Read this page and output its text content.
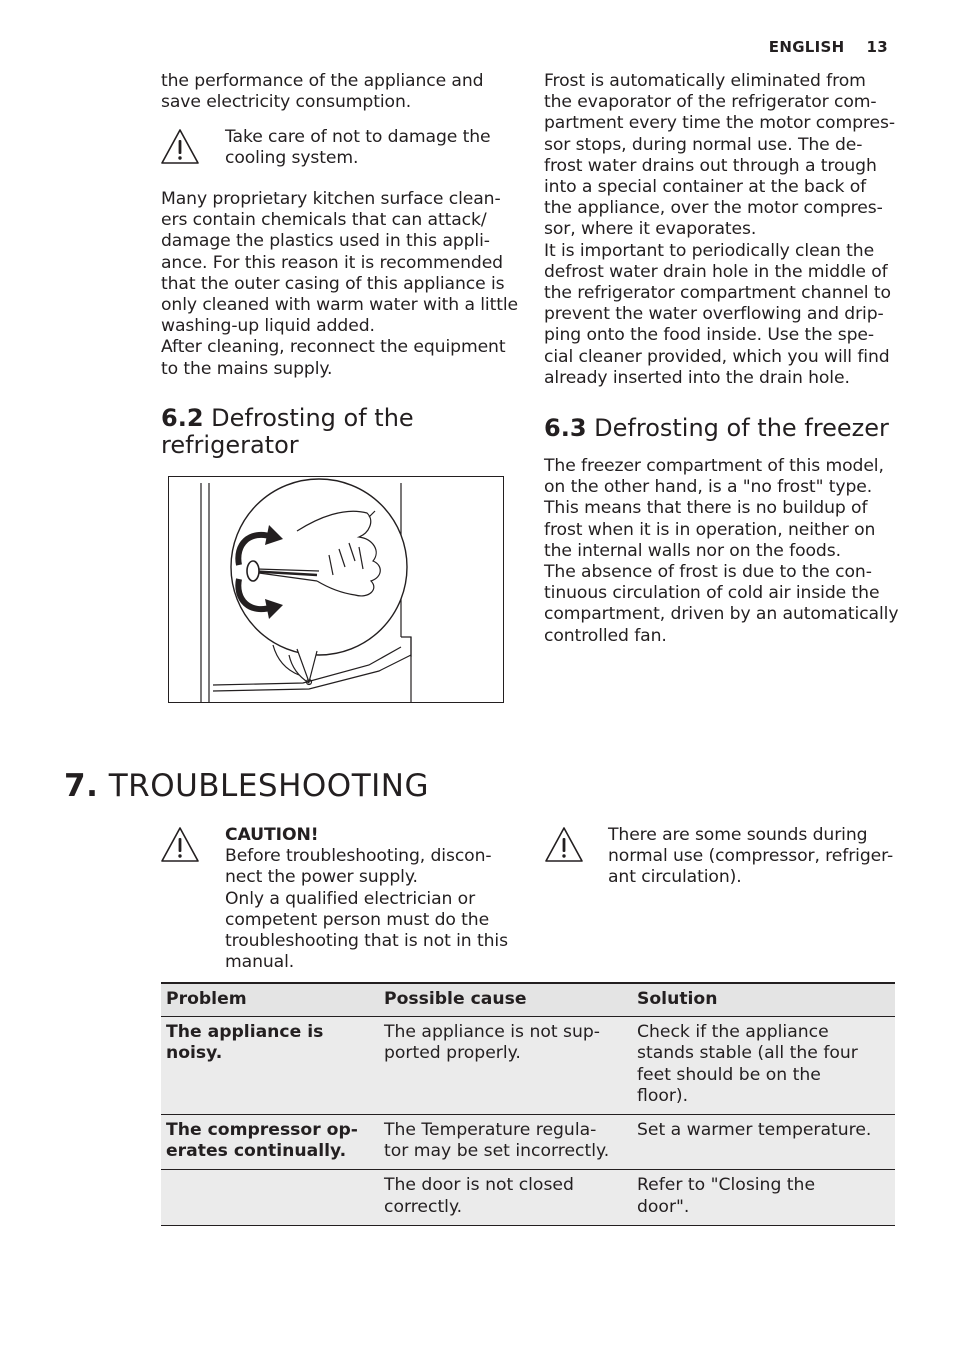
ENGLISH 13
the performance of the appliance and
save electricity consumption.
Take care of not to damage the
cooling system.
Many proprietary kitchen surface clean-
ers contain chemicals that can attack/
damage the plastics used in this appli-
ance. For this reason it is recommended
that the outer casing of this appliance is
only cleaned with warm water with a little
washing-up liquid added.
After cleaning, reconnect the equipment
to the mains supply.
6.2 Defrosting of the
refrigerator
Frost is automatically eliminated from
the evaporator of the refrigerator com-
partment every time the motor compres-
sor stops, during normal use. The de-
frost water drains out through a trough
into a special container at the back of
the appliance, over the motor compres-
sor, where it evaporates.
It is important to periodically clean the
defrost water drain hole in the middle of
the refrigerator compartment channel to
prevent the water overflowing and drip-
ping onto the food inside. Use the spe-
cial cleaner provided, which you will find
already inserted into the drain hole.
6.3 Defrosting of the freezer
The freezer compartment of this model,
on the other hand, is a "no frost" type.
This means that there is no buildup of
frost when it is in operation, neither on
the internal walls nor on the foods.
The absence of frost is due to the con-
tinuous circulation of cold air inside the
compartment, driven by an automatically
controlled fan.
7. TROUBLESHOOTING
CAUTION!
Before troubleshooting, discon-
nect the power supply.
Only a qualified electrician or
competent person must do the
troubleshooting that is not in this
manual.
There are some sounds during
normal use (compressor, refriger-
ant circulation).
Problem	Possible cause	Solution

The appliance is
noisy.	The appliance is not sup-
ported properly.	Check if the appliance
stands stable (all the four
feet should be on the
floor).

The compressor op-
erates continually.	The Temperature regula-
tor may be set incorrectly.	Set a warmer temperature.

	The door is not closed
correctly.	Refer to "Closing the
door".
